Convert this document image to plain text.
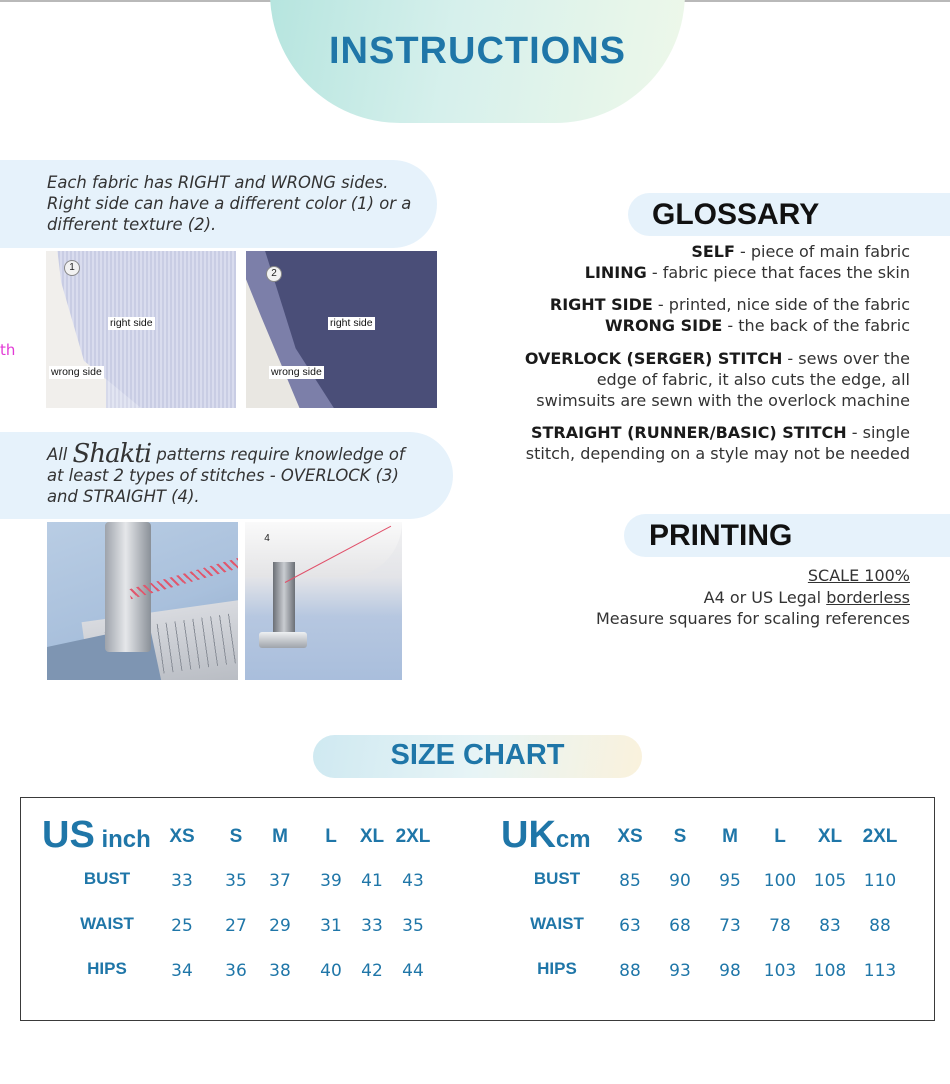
INSTRUCTIONS
Each fabric has RIGHT and WRONG sides.
Right side can have a different color (1) or a
different texture (2).
th
1
right side
wrong side
2
right side
wrong side
All Shakti patterns require knowledge of
at least 2 types of stitches - OVERLOCK (3)
and STRAIGHT (4).
4
GLOSSARY
SELF - piece of main fabric
LINING - fabric piece that faces the skin
RIGHT SIDE - printed, nice side of the fabric
WRONG SIDE - the back of the fabric
OVERLOCK (SERGER) STITCH - sews over the
edge of fabric, it also cuts the edge, all
swimsuits are sewn with the overlock machine
STRAIGHT (RUNNER/BASIC) STITCH - single
stitch, depending on a style may not be needed
PRINTING
SCALE 100%
A4 or US Legal borderless
Measure squares for scaling references
SIZE CHART
US inch XS	S	M	L	XL 2XL
BUST	33	35	37	39	41	43
WAIST	25	27	29	31	33	35
HIPS	34	36	38	40	42	44
UKcm	XS	S	M	L	XL	2XL
BUST	85	90	95	100	105	110
WAIST	63	68	73	78	83	88
HIPS	88	93	98	103	108	113
